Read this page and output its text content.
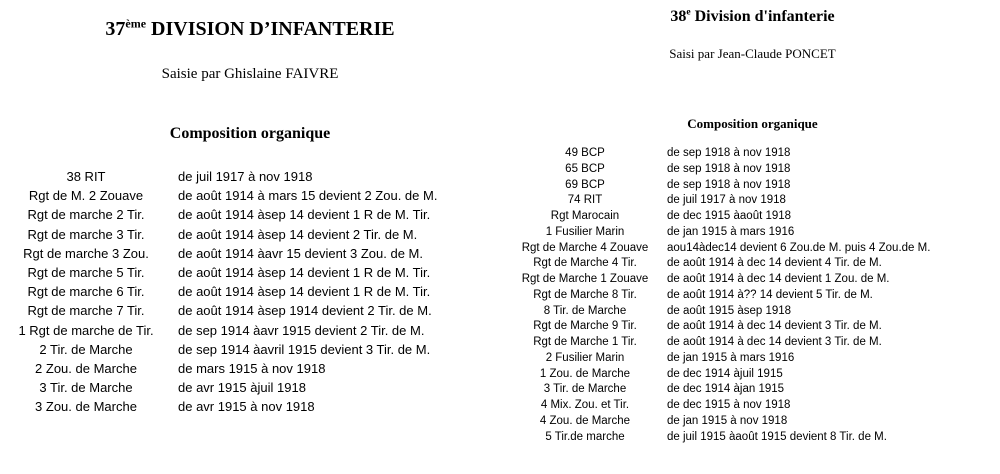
37ème DIVISION D’INFANTERIE
Saisie par Ghislaine FAIVRE
Composition organique
38 RIT	de juil 1917 à nov 1918
Rgt de M. 2 Zouave	de août 1914 à mars 15 devient 2 Zou. de M.
Rgt de marche 2 Tir.	de août 1914 àsep 14 devient 1 R de M. Tir.
Rgt de marche 3 Tir.	de août 1914 àsep 14 devient 2 Tir. de M.
Rgt de marche 3 Zou.	de août 1914 àavr 15 devient 3 Zou. de M.
Rgt de marche 5 Tir.	de août 1914 àsep 14 devient 1 R de M. Tir.
Rgt de marche 6 Tir.	de août 1914 àsep 14 devient 1 R de M. Tir.
Rgt de marche 7 Tir.	de août 1914 àsep 1914 devient 2 Tir. de M.
1 Rgt de marche de Tir.	de sep 1914 àavr 1915 devient 2 Tir. de M.
2 Tir. de Marche	de sep 1914 àavril 1915 devient 3 Tir. de M.
2 Zou. de Marche	de mars 1915 à nov 1918
3 Tir. de Marche	de avr 1915 àjuil 1918
3 Zou. de Marche	de avr 1915 à nov 1918
38e Division d'infanterie
Saisi par Jean-Claude PONCET
Composition organique
49 BCP	de sep 1918 à nov 1918
65 BCP	de sep 1918 à nov 1918
69 BCP	de sep 1918 à nov 1918
74 RIT	de juil 1917 à nov 1918
Rgt Marocain	de dec 1915 àaoût 1918
1 Fusilier Marin	de jan 1915 à mars 1916
Rgt de Marche 4 Zouave	aou14àdec14 devient 6 Zou.de M. puis 4 Zou.de M.
Rgt de Marche 4 Tir.	de août 1914 à dec 14 devient 4 Tir. de M.
Rgt de Marche 1 Zouave	de août 1914 à dec 14 devient 1 Zou. de M.
Rgt de Marche 8 Tir.	de août 1914 à?? 14 devient 5 Tir. de M.
8 Tir. de Marche	de août 1915 àsep 1918
Rgt de Marche 9 Tir.	de août 1914 à dec 14 devient 3 Tir. de M.
Rgt de Marche 1 Tir.	de août 1914 à dec 14 devient 3 Tir. de M.
2 Fusilier Marin	de jan 1915 à mars 1916
1 Zou. de Marche	de dec 1914 àjuil 1915
3 Tir. de Marche	de dec 1914 àjan 1915
4 Mix. Zou. et Tir.	de dec 1915 à nov 1918
4 Zou. de Marche	de jan 1915 à nov 1918
5 Tir.de marche	de juil 1915 àaoût 1915 devient 8 Tir. de M.
